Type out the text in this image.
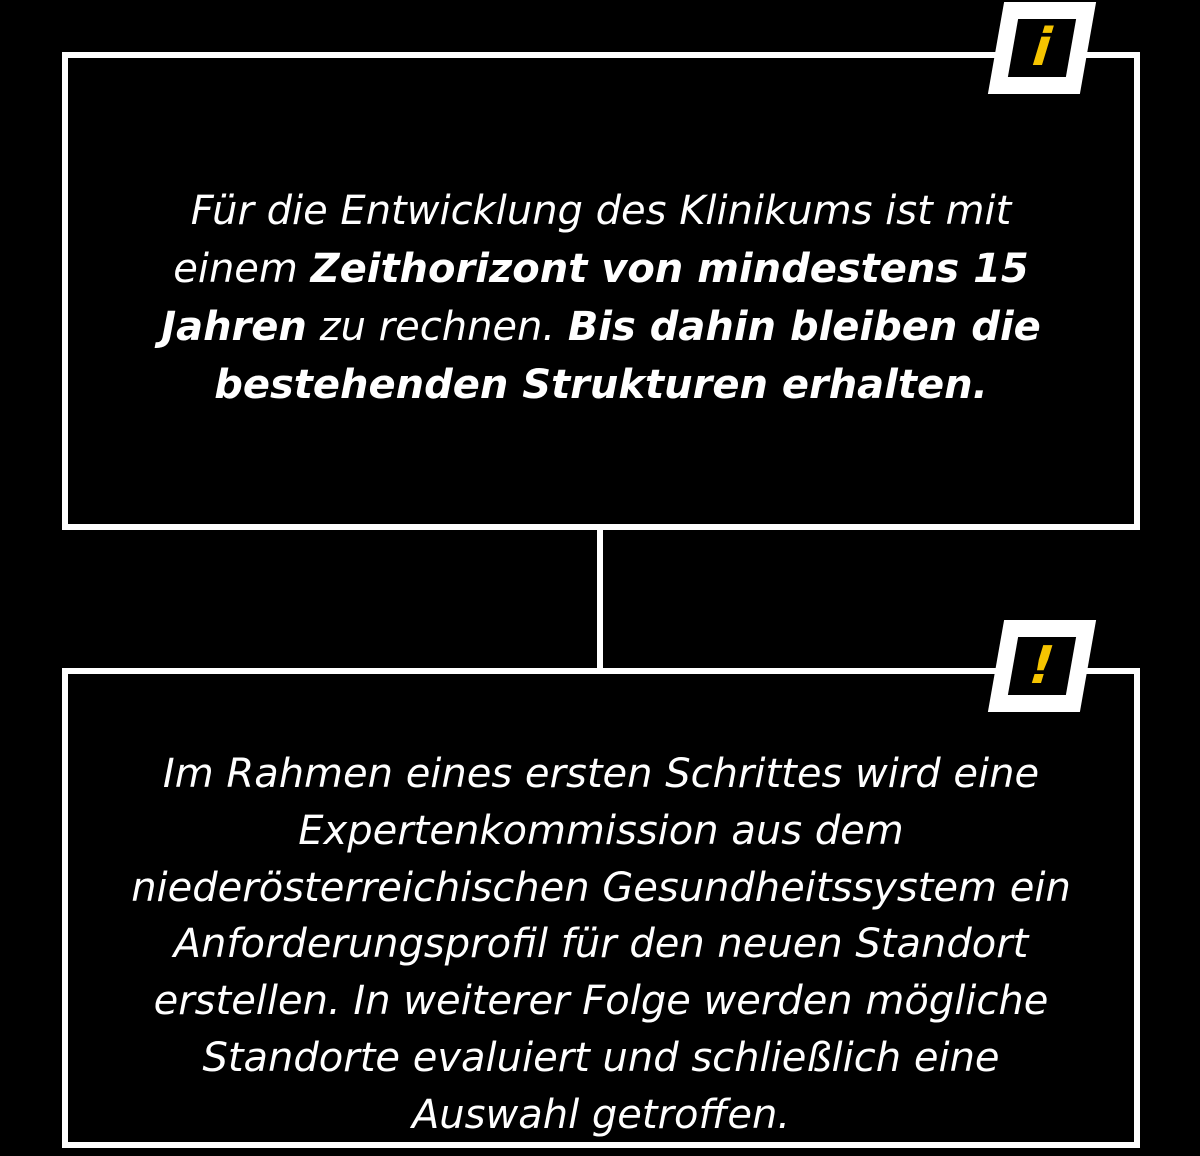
Für die Entwicklung des Klinikums ist mit einem Zeithorizont von mindestens 15 Jahren zu rechnen. Bis dahin bleiben die bestehenden Strukturen erhalten.
i
Im Rahmen eines ersten Schrittes wird eine Expertenkommission aus dem niederösterreichischen Gesundheitssystem ein Anforderungsprofil für den neuen Standort erstellen. In weiterer Folge werden mögliche Standorte evaluiert und schließlich eine Auswahl getroffen.
!
